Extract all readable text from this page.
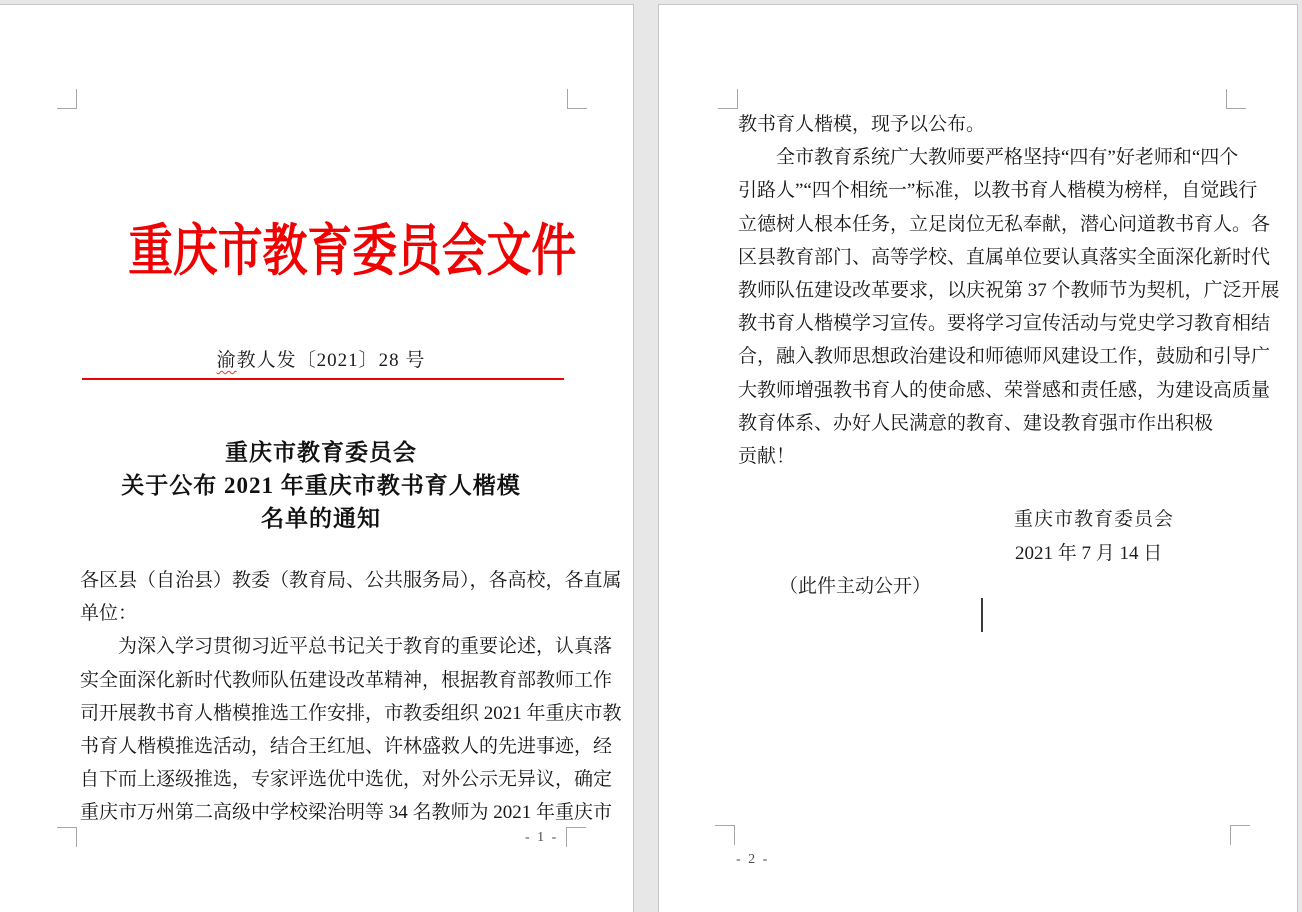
重庆市教育委员会文件
渝教人发〔2021〕28 号
重庆市教育委员会
关于公布 2021 年重庆市教书育人楷模
名单的通知
各区县（自治县）教委（教育局、公共服务局），各高校，各直属
单位：
　　为深入学习贯彻习近平总书记关于教育的重要论述，认真落
实全面深化新时代教师队伍建设改革精神，根据教育部教师工作
司开展教书育人楷模推选工作安排，市教委组织 2021 年重庆市教
书育人楷模推选活动，结合王红旭、许林盛救人的先进事迹，经
自下而上逐级推选，专家评选优中选优，对外公示无异议，确定
重庆市万州第二高级中学校梁治明等 34 名教师为 2021 年重庆市
- 1 -
教书育人楷模，现予以公布。
　　全市教育系统广大教师要严格坚持“四有”好老师和“四个
引路人”“四个相统一”标准，以教书育人楷模为榜样，自觉践行
立德树人根本任务，立足岗位无私奉献，潜心问道教书育人。各
区县教育部门、高等学校、直属单位要认真落实全面深化新时代
教师队伍建设改革要求，以庆祝第 37 个教师节为契机，广泛开展
教书育人楷模学习宣传。要将学习宣传活动与党史学习教育相结
合，融入教师思想政治建设和师德师风建设工作，鼓励和引导广
大教师增强教书育人的使命感、荣誉感和责任感，为建设高质量
教育体系、办好人民满意的教育、建设教育强市作出积极贡献！
重庆市教育委员会
2021 年 7 月 14 日
（此件主动公开）
- 2 -
